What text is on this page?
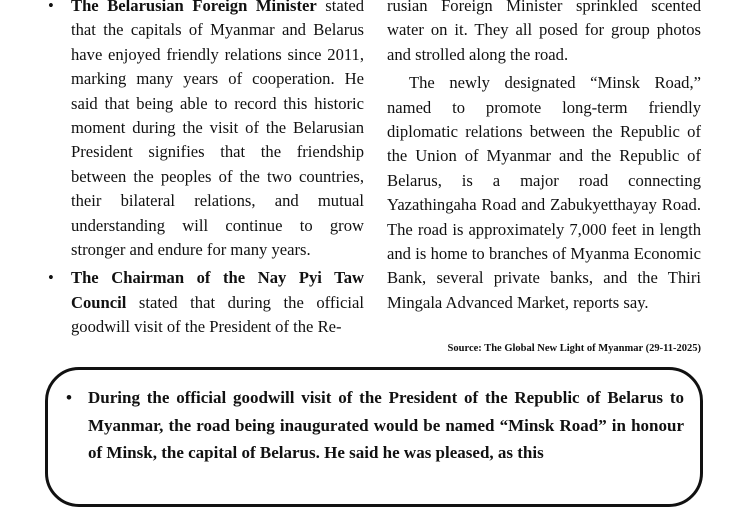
• The Belarusian Foreign Minister stated that the capitals of Myanmar and Belarus have enjoyed friendly relations since 2011, marking many years of cooperation. He said that being able to record this historic moment during the visit of the Belarusian President signifies that the friendship between the peoples of the two countries, their bilateral relations, and mutual understanding will continue to grow stronger and endure for many years.

• The Chairman of the Nay Pyi Taw Council stated that during the official goodwill visit of the President of the Re-

rusian Foreign Minister sprinkled scented water on it. They all posed for group photos and strolled along the road.

The newly designated “Minsk Road,” named to promote long-term friendly diplomatic relations between the Republic of the Union of Myanmar and the Republic of Belarus, is a major road connecting Yazathingaha Road and Zabukyetthayay Road. The road is approximately 7,000 feet in length and is home to branches of Myanma Economic Bank, several private banks, and the Thiri Mingala Advanced Market, reports say.

Source: The Global New Light of Myanmar (29-11-2025)
• During the official goodwill visit of the President of the Republic of Belarus to Myanmar, the road being inaugurated would be named “Minsk Road” in honour of Minsk, the capital of Belarus. He said he was pleased, as this
